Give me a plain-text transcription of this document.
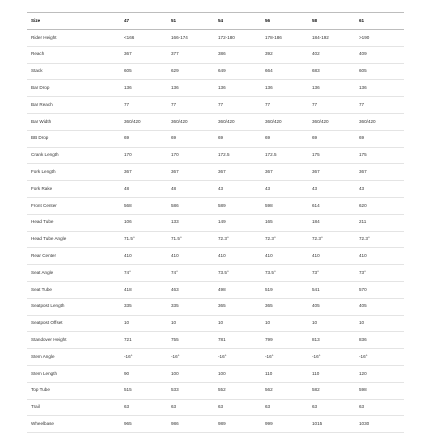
Size	47	51	54	56	58	61
Rider Height	<166	166-174	172-180	178-186	184-192	>190
Reach	367	377	386	392	402	409
Stack	605	629	649	664	683	605
Bar Drop	136	136	136	136	136	136
Bar Reach	77	77	77	77	77	77
Bar Width	360/420	360/420	360/420	360/420	360/420	360/420
BB Drop	69	69	69	69	69	69
Crank Length	170	170	172.5	172.5	175	175
Fork Length	367	367	367	367	367	367
Fork Rake	48	48	43	43	43	43
Front Center	568	586	589	598	614	620
Head Tube	106	133	149	165	184	211
Head Tube Angle	71.5°	71.5°	72.3°	72.3°	72.3°	72.3°
Rear Center	410	410	410	410	410	410
Seat Angle	74°	74°	73.5°	73.5°	73°	73°
Seat Tube	418	463	498	519	541	570
Seatpost Length	335	335	365	365	405	405
Seatpost Offset	10	10	10	10	10	10
Standover Height	721	755	781	799	813	836
Stem Angle	-16°	-16°	-16°	-16°	-16°	-16°
Stem Length	90	100	100	110	110	120
Top Tube	515	533	552	562	582	598
Trail	63	63	63	63	63	63
Wheelbase	965	986	989	999	1015	1030
